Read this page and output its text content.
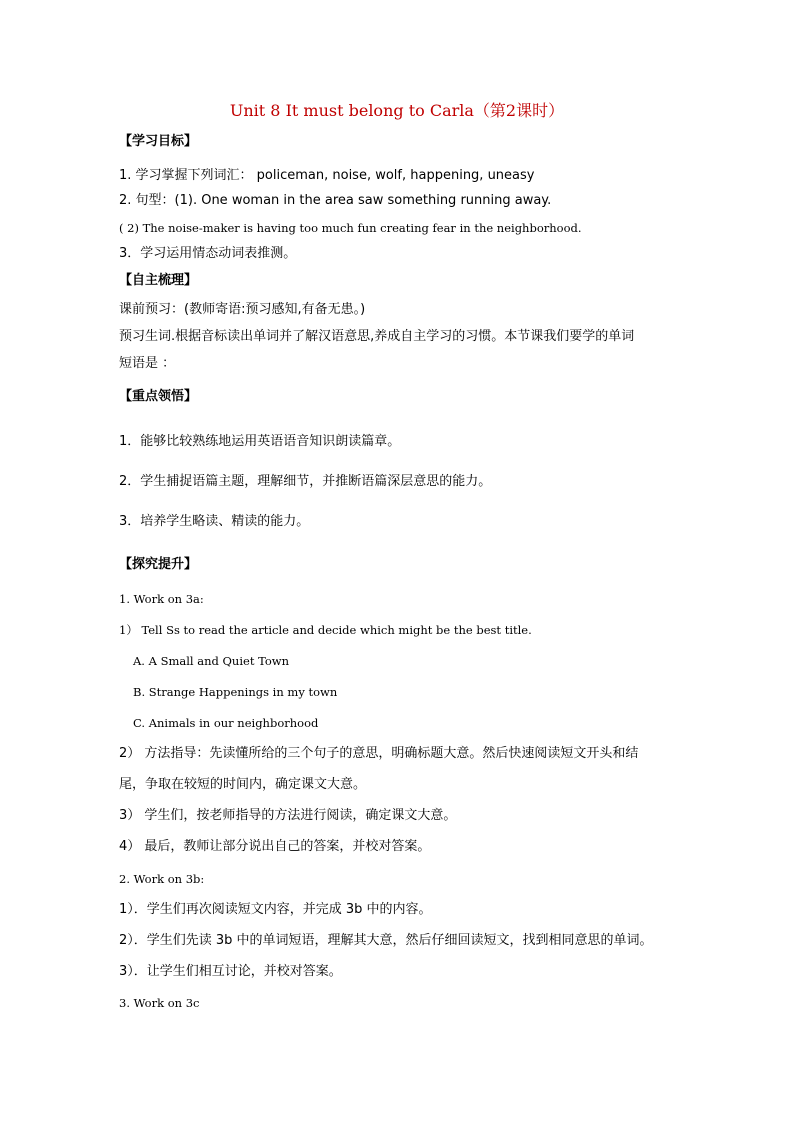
Unit 8 It must belong to Carla（第2课时）
【学习目标】
1. 学习掌握下列词汇： policeman, noise, wolf, happening, uneasy
2. 句型：(1). One woman in the area saw something running away.
( 2) The noise-maker is having too much fun creating fear in the neighborhood.
3．学习运用情态动词表推测。
【自主梳理】
课前预习：(教师寄语:预习感知,有备无患。)
预习生词.根据音标读出单词并了解汉语意思,养成自主学习的习惯。本节课我们要学的单词
短语是 ：
【重点领悟】
1．能够比较熟练地运用英语语音知识朗读篇章。
2．学生捕捉语篇主题，理解细节，并推断语篇深层意思的能力。
3．培养学生略读、精读的能力。
【探究提升】
1. Work on 3a:
1） Tell Ss to read the article and decide which might be the best title.
A. A Small and Quiet Town
B. Strange Happenings in my town
C. Animals in our neighborhood
2） 方法指导：先读懂所给的三个句子的意思，明确标题大意。然后快速阅读短文开头和结
尾，争取在较短的时间内，确定课文大意。
3） 学生们，按老师指导的方法进行阅读，确定课文大意。
4） 最后，教师让部分说出自己的答案，并校对答案。
2. Work on 3b:
1）．学生们再次阅读短文内容，并完成 3b 中的内容。
2）．学生们先读 3b 中的单词短语，理解其大意，然后仔细回读短文，找到相同意思的单词。
3）．让学生们相互讨论，并校对答案。
3. Work on 3c
